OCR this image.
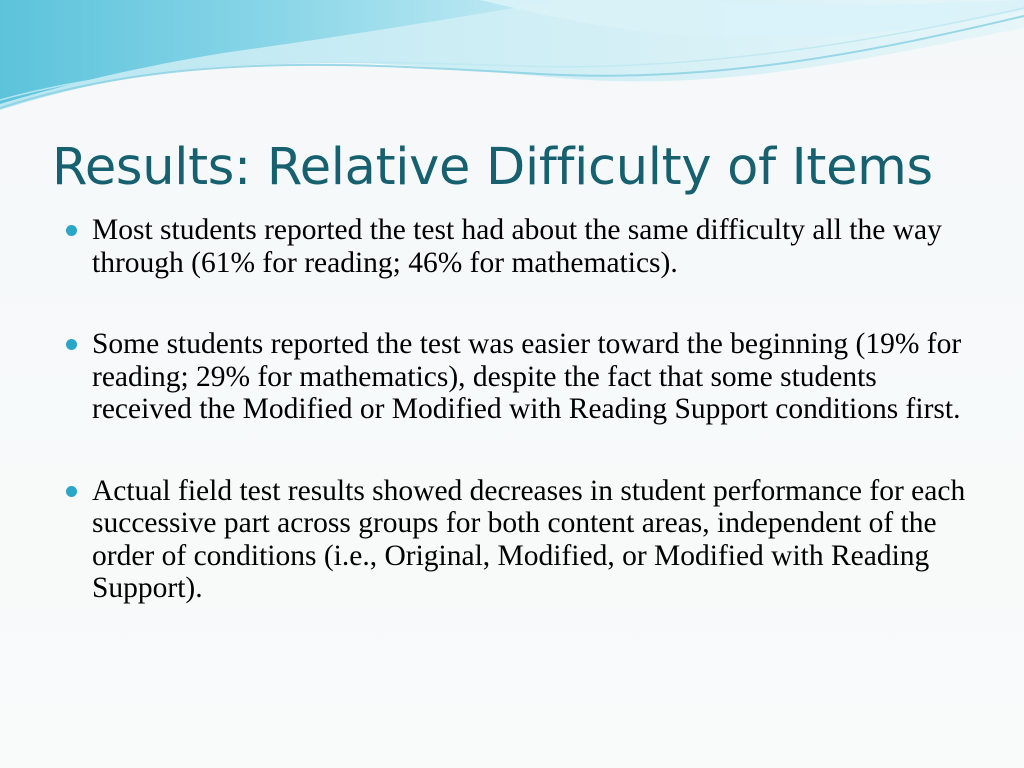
Results: Relative Difficulty of Items
Most students reported the test had about the same difficulty all the way through (61% for reading; 46% for mathematics).
Some students reported the test was easier toward the beginning (19% for reading; 29% for mathematics), despite the fact that some students received the Modified or Modified with Reading Support conditions first.
Actual field test results showed decreases in student performance for each successive part across groups for both content areas, independent of the order of conditions (i.e., Original, Modified, or Modified with Reading Support).
